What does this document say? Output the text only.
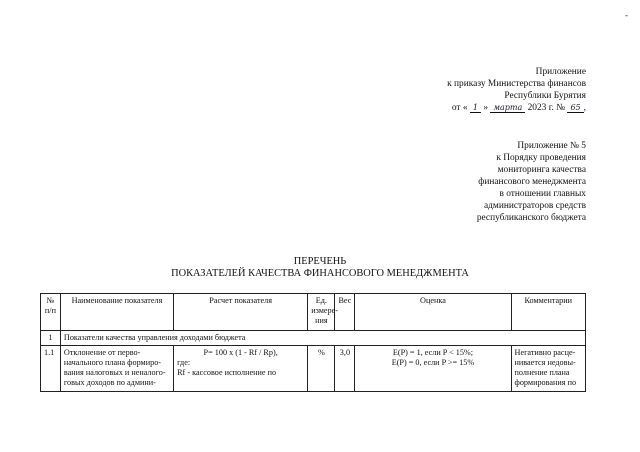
-
Приложение
к приказу Министерства финансов
Республики Бурятия
от « 1 » марта 2023 г. № 65 ,
Приложение № 5
к Порядку проведения
мониторинга качества
финансового менеджмента
в отношении главных
администраторов средств
республиканского бюджета
ПЕРЕЧЕНЬ
ПОКАЗАТЕЛЕЙ КАЧЕСТВА ФИНАНСОВОГО МЕНЕДЖМЕНТА
№
п/п	Наименование показателя	Расчет показателя	Ед.
измере-
ния	Вес	Оценка	Комментарии
1	Показатели качества управления доходами бюджета					
1.1	Отклонение от перво-
начального плана формиро-
вания налоговых и неналого-
говых доходов по админи-	P= 100 x (1 - Rf / Rp),
где:
Rf - кассовое исполнение по	%	3,0	E(P) = 1, если P < 15%;
E(P) = 0, если P >= 15%	Негативно расце-
нивается недовы-
полнение плана
формирования по
